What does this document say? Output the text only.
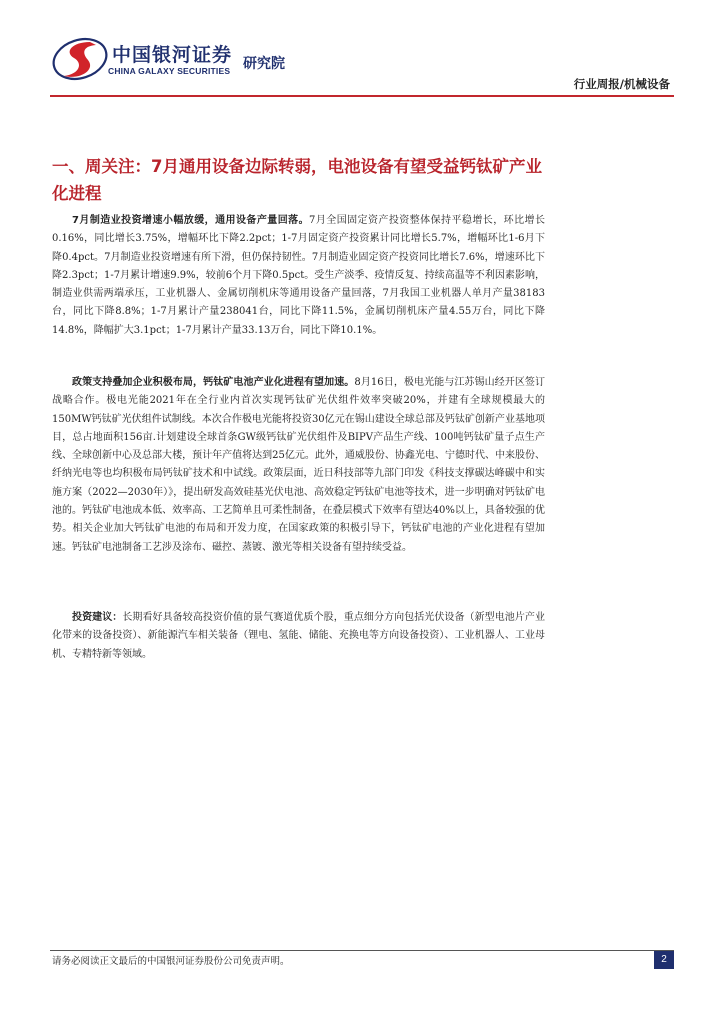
中国银河证券
CHINA GALAXY SECURITIES 研究院
行业周报/机械设备
一、周关注：7月通用设备边际转弱，电池设备有望受益钙钛矿产业化进程

7月制造业投资增速小幅放缓，通用设备产量回落。7月全国固定资产投资整体保持平稳增长，环比增长0.16%，同比增长3.75%，增幅环比下降2.2pct；1-7月固定资产投资累计同比增长5.7%，增幅环比1-6月下降0.4pct。7月制造业投资增速有所下滑，但仍保持韧性。7月制造业固定资产投资同比增长7.6%，增速环比下降2.3pct；1-7月累计增速9.9%，较前6个月下降0.5pct。受生产淡季、疫情反复、持续高温等不利因素影响，制造业供需两端承压，工业机器人、金属切削机床等通用设备产量回落，7月我国工业机器人单月产量38183台，同比下降8.8%；1-7月累计产量238041台，同比下降11.5%，金属切削机床产量4.55万台，同比下降14.8%，降幅扩大3.1pct；1-7月累计产量33.13万台，同比下降10.1%。

政策支持叠加企业积极布局，钙钛矿电池产业化进程有望加速。8月16日，极电光能与江苏锡山经开区签订战略合作。极电光能2021年在全行业内首次实现钙钛矿光伏组件效率突破20%，并建有全球规模最大的150MW钙钛矿光伏组件试制线。本次合作极电光能将投资30亿元在锡山建设全球总部及钙钛矿创新产业基地项目，总占地面积156亩.计划建设全球首条GW级钙钛矿光伏组件及BIPV产品生产线、100吨钙钛矿量子点生产线、全球创新中心及总部大楼，预计年产值将达到25亿元。此外，通威股份、协鑫光电、宁德时代、中来股份、纤纳光电等也均积极布局钙钛矿技术和中试线。政策层面，近日科技部等九部门印发《科技支撑碳达峰碳中和实施方案（2022—2030年）》，提出研发高效硅基光伏电池、高效稳定钙钛矿电池等技术，进一步明确对钙钛矿电池的。钙钛矿电池成本低、效率高、工艺简单且可柔性制备，在叠层模式下效率有望达40%以上，具备较强的优势。相关企业加大钙钛矿电池的布局和开发力度，在国家政策的积极引导下，钙钛矿电池的产业化进程有望加速。钙钛矿电池制备工艺涉及涂布、磁控、蒸镀、激光等相关设备有望持续受益。

投资建议：长期看好具备较高投资价值的景气赛道优质个股，重点细分方向包括光伏设备（新型电池片产业化带来的设备投资）、新能源汽车相关装备（锂电、氢能、储能、充换电等方向设备投资）、工业机器人、工业母机、专精特新等领域。

请务必阅读正文最后的中国银河证券股份公司免责声明。	2
